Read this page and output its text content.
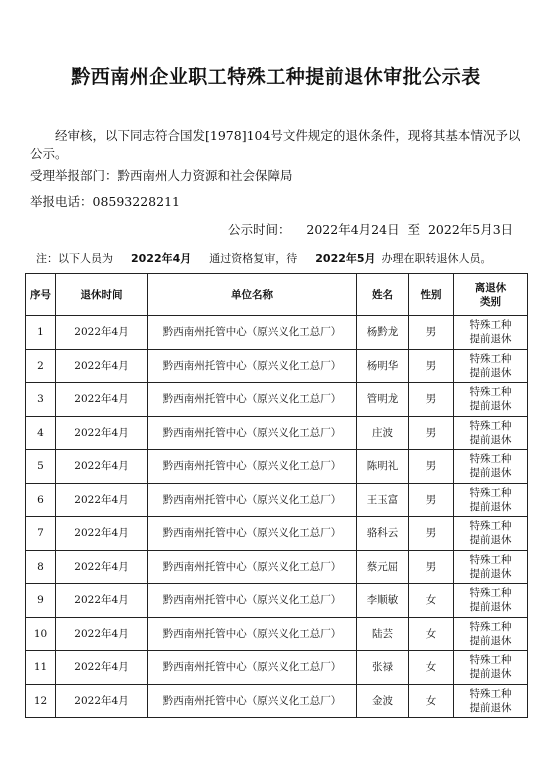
黔西南州企业职工特殊工种提前退休审批公示表
经审核，以下同志符合国发[1978]104号文件规定的退休条件，现将其基本情况予以公示。
受理举报部门：黔西南州人力资源和社会保障局
举报电话：08593228211
公示时间：    2022年4月24日  至  2022年5月3日
注：以下人员为 2022年4月 通过资格复审，待 2022年5月 办理在职转退休人员。
序号	退休时间	单位名称	姓名	性别	离退休
类别

1	2022年4月	黔西南州托管中心（原兴义化工总厂）	杨黔龙	男	特殊工种
提前退休

2	2022年4月	黔西南州托管中心（原兴义化工总厂）	杨明华	男	特殊工种
提前退休

3	2022年4月	黔西南州托管中心（原兴义化工总厂）	管明龙	男	特殊工种
提前退休

4	2022年4月	黔西南州托管中心（原兴义化工总厂）	庄波	男	特殊工种
提前退休

5	2022年4月	黔西南州托管中心（原兴义化工总厂）	陈明礼	男	特殊工种
提前退休

6	2022年4月	黔西南州托管中心（原兴义化工总厂）	王玉富	男	特殊工种
提前退休

7	2022年4月	黔西南州托管中心（原兴义化工总厂）	骆科云	男	特殊工种
提前退休

8	2022年4月	黔西南州托管中心（原兴义化工总厂）	蔡元屈	男	特殊工种
提前退休

9	2022年4月	黔西南州托管中心（原兴义化工总厂）	李顺敏	女	特殊工种
提前退休

10	2022年4月	黔西南州托管中心（原兴义化工总厂）	陆芸	女	特殊工种
提前退休

11	2022年4月	黔西南州托管中心（原兴义化工总厂）	张禄	女	特殊工种
提前退休

12	2022年4月	黔西南州托管中心（原兴义化工总厂）	金波	女	特殊工种
提前退休
